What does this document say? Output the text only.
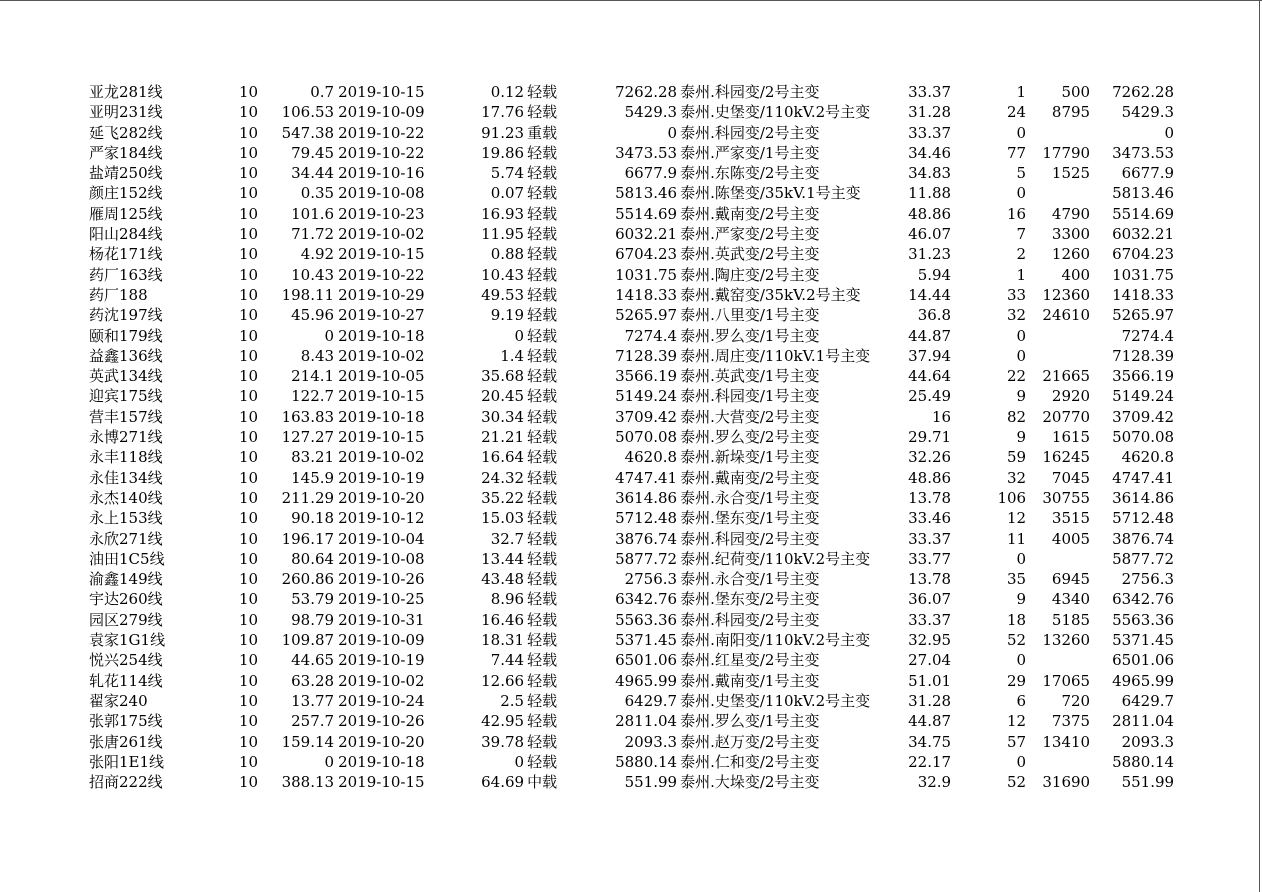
亚龙281线	10	0.7	2019-10-15	0.12	轻载	7262.28	泰州.科园变/2号主变	33.37	1	500	7262.28
亚明231线	10	106.53	2019-10-09	17.76	轻载	5429.3	泰州.史堡变/110kV.2号主变	31.28	24	8795	5429.3
延飞282线	10	547.38	2019-10-22	91.23	重载	0	泰州.科园变/2号主变	33.37	0		0
严家184线	10	79.45	2019-10-22	19.86	轻载	3473.53	泰州.严家变/1号主变	34.46	77	17790	3473.53
盐靖250线	10	34.44	2019-10-16	5.74	轻载	6677.9	泰州.东陈变/2号主变	34.83	5	1525	6677.9
颜庄152线	10	0.35	2019-10-08	0.07	轻载	5813.46	泰州.陈堡变/35kV.1号主变	11.88	0		5813.46
雁周125线	10	101.6	2019-10-23	16.93	轻载	5514.69	泰州.戴南变/2号主变	48.86	16	4790	5514.69
阳山284线	10	71.72	2019-10-02	11.95	轻载	6032.21	泰州.严家变/2号主变	46.07	7	3300	6032.21
杨花171线	10	4.92	2019-10-15	0.88	轻载	6704.23	泰州.英武变/2号主变	31.23	2	1260	6704.23
药厂163线	10	10.43	2019-10-22	10.43	轻载	1031.75	泰州.陶庄变/2号主变	5.94	1	400	1031.75
药厂188	10	198.11	2019-10-29	49.53	轻载	1418.33	泰州.戴窑变/35kV.2号主变	14.44	33	12360	1418.33
药沈197线	10	45.96	2019-10-27	9.19	轻载	5265.97	泰州.八里变/1号主变	36.8	32	24610	5265.97
颐和179线	10	0	2019-10-18	0	轻载	7274.4	泰州.罗么变/1号主变	44.87	0		7274.4
益鑫136线	10	8.43	2019-10-02	1.4	轻载	7128.39	泰州.周庄变/110kV.1号主变	37.94	0		7128.39
英武134线	10	214.1	2019-10-05	35.68	轻载	3566.19	泰州.英武变/1号主变	44.64	22	21665	3566.19
迎宾175线	10	122.7	2019-10-15	20.45	轻载	5149.24	泰州.科园变/1号主变	25.49	9	2920	5149.24
营丰157线	10	163.83	2019-10-18	30.34	轻载	3709.42	泰州.大营变/2号主变	16	82	20770	3709.42
永博271线	10	127.27	2019-10-15	21.21	轻载	5070.08	泰州.罗么变/2号主变	29.71	9	1615	5070.08
永丰118线	10	83.21	2019-10-02	16.64	轻载	4620.8	泰州.新垛变/1号主变	32.26	59	16245	4620.8
永佳134线	10	145.9	2019-10-19	24.32	轻载	4747.41	泰州.戴南变/2号主变	48.86	32	7045	4747.41
永杰140线	10	211.29	2019-10-20	35.22	轻载	3614.86	泰州.永合变/1号主变	13.78	106	30755	3614.86
永上153线	10	90.18	2019-10-12	15.03	轻载	5712.48	泰州.堡东变/1号主变	33.46	12	3515	5712.48
永欣271线	10	196.17	2019-10-04	32.7	轻载	3876.74	泰州.科园变/2号主变	33.37	11	4005	3876.74
油田1C5线	10	80.64	2019-10-08	13.44	轻载	5877.72	泰州.纪荷变/110kV.2号主变	33.77	0		5877.72
渝鑫149线	10	260.86	2019-10-26	43.48	轻载	2756.3	泰州.永合变/1号主变	13.78	35	6945	2756.3
宇达260线	10	53.79	2019-10-25	8.96	轻载	6342.76	泰州.堡东变/2号主变	36.07	9	4340	6342.76
园区279线	10	98.79	2019-10-31	16.46	轻载	5563.36	泰州.科园变/2号主变	33.37	18	5185	5563.36
袁家1G1线	10	109.87	2019-10-09	18.31	轻载	5371.45	泰州.南阳变/110kV.2号主变	32.95	52	13260	5371.45
悦兴254线	10	44.65	2019-10-19	7.44	轻载	6501.06	泰州.红星变/2号主变	27.04	0		6501.06
轧花114线	10	63.28	2019-10-02	12.66	轻载	4965.99	泰州.戴南变/1号主变	51.01	29	17065	4965.99
翟家240	10	13.77	2019-10-24	2.5	轻载	6429.7	泰州.史堡变/110kV.2号主变	31.28	6	720	6429.7
张郭175线	10	257.7	2019-10-26	42.95	轻载	2811.04	泰州.罗么变/1号主变	44.87	12	7375	2811.04
张唐261线	10	159.14	2019-10-20	39.78	轻载	2093.3	泰州.赵万变/2号主变	34.75	57	13410	2093.3
张阳1E1线	10	0	2019-10-18	0	轻载	5880.14	泰州.仁和变/2号主变	22.17	0		5880.14
招商222线	10	388.13	2019-10-15	64.69	中载	551.99	泰州.大垛变/2号主变	32.9	52	31690	551.99
